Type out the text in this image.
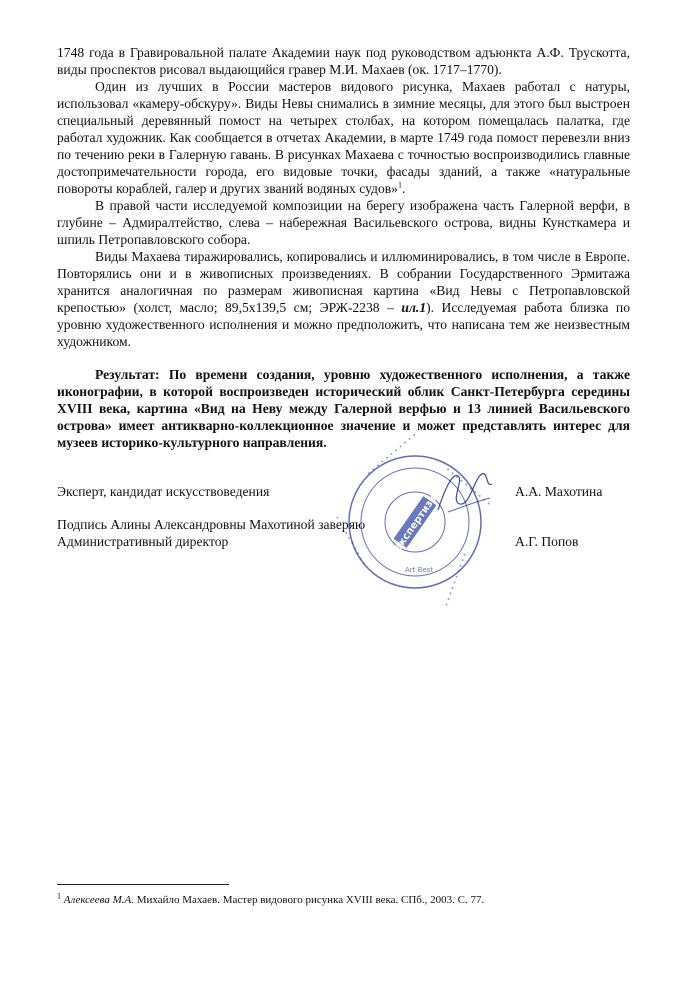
1748 года в Гравировальной палате Академии наук под руководством адъюнкта А.Ф. Трускотта, виды проспектов рисовал выдающийся гравер М.И. Махаев (ок. 1717–1770).

Один из лучших в России мастеров видового рисунка, Махаев работал с натуры, использовал «камеру-обскуру». Виды Невы снимались в зимние месяцы, для этого был выстроен специальный деревянный помост на четырех столбах, на котором помещалась палатка, где работал художник. Как сообщается в отчетах Академии, в марте 1749 года помост перевезли вниз по течению реки в Галерную гавань. В рисунках Махаева с точностью воспроизводились главные достопримечательности города, его видовые точки, фасады зданий, а также «натуральные повороты кораблей, галер и других званий водяных судов»$^1$.

В правой части исследуемой композиции на берегу изображена часть Галерной верфи, в глубине – Адмиралтейство, слева – набережная Васильевского острова, видны Кунсткамера и шпиль Петропавловского собора.

Виды Махаева тиражировались, копировались и иллюминировались, в том числе в Европе. Повторялись они и в живописных произведениях. В собрании Государственного Эрмитажа хранится аналогичная по размерам живописная картина «Вид Невы с Петропавловской крепостью» (холст, масло; 89,5х139,5 см; ЭРЖ-2238 – ил.1). Исследуемая работа близка по уровню художественного исполнения и можно предположить, что написана тем же неизвестным художником.

Результат: По времени создания, уровню художественного исполнения, а также иконографии, в которой воспроизведен исторический облик Санкт-Петербурга середины XVIII века, картина «Вид на Неву между Галерной верфью и 13 линией Васильевского острова» имеет антикварно-коллекционное значение и может представлять интерес для музеев историко-культурного направления.

Эксперт, кандидат искусствоведения	А.А. Махотина
Подпись Алины Александровны Махотиной заверяю
Административный директор	А.Г. Попов
• • • • • • • • • • •
• • • • • • • • • •
• • • • • • • • • •
• • • • • • • • • • экспертиза
Art Best
$^1$ Алексеева М.А. Михайло Махаев. Мастер видового рисунка XVIII века. СПб., 2003. С. 77.
